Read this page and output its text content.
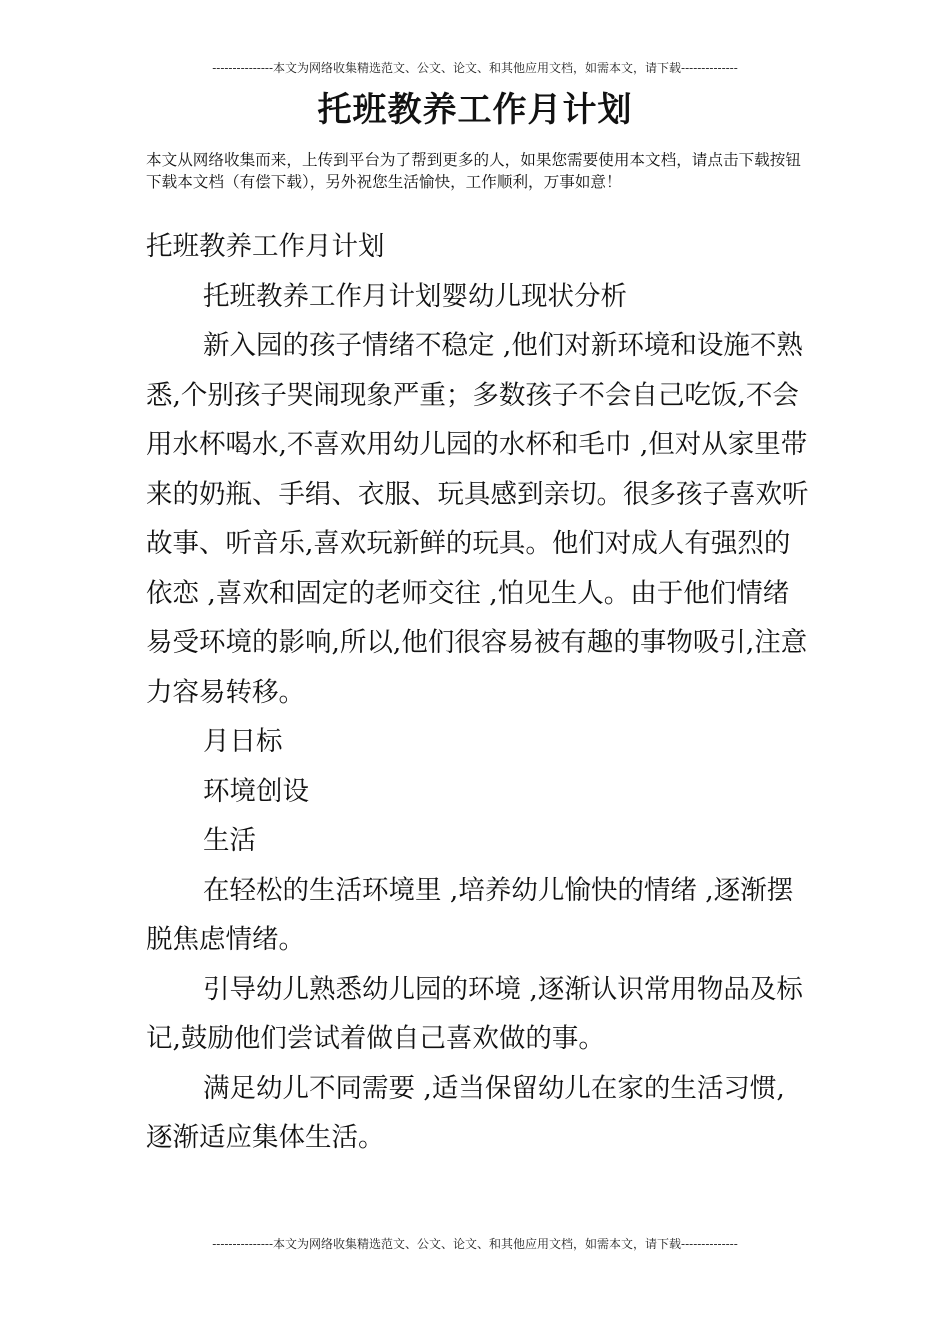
---------------本文为网络收集精选范文、公文、论文、和其他应用文档，如需本文，请下载--------------
托班教养工作月计划
本文从网络收集而来，上传到平台为了帮到更多的人，如果您需要使用本文档，请点击下载按钮下载本文档（有偿下载），另外祝您生活愉快，工作顺利，万事如意！

托班教养工作月计划

托班教养工作月计划婴幼儿现状分析

新入园的孩子情绪不稳定 ,他们对新环境和设施不熟悉,个别孩子哭闹现象严重；多数孩子不会自己吃饭,不会用水杯喝水,不喜欢用幼儿园的水杯和毛巾 ,但对从家里带来的奶瓶、手绢、衣服、玩具感到亲切。很多孩子喜欢听故事、听音乐,喜欢玩新鲜的玩具。他们对成人有强烈的依恋 ,喜欢和固定的老师交往 ,怕见生人。由于他们情绪易受环境的影响,所以,他们很容易被有趣的事物吸引,注意力容易转移。

月日标

环境创设

生活

在轻松的生活环境里 ,培养幼儿愉快的情绪 ,逐渐摆脱焦虑情绪。

引导幼儿熟悉幼儿园的环境 ,逐渐认识常用物品及标记,鼓励他们尝试着做自己喜欢做的事。

满足幼儿不同需要 ,适当保留幼儿在家的生活习惯,逐渐适应集体生活。

---------------本文为网络收集精选范文、公文、论文、和其他应用文档，如需本文，请下载--------------
